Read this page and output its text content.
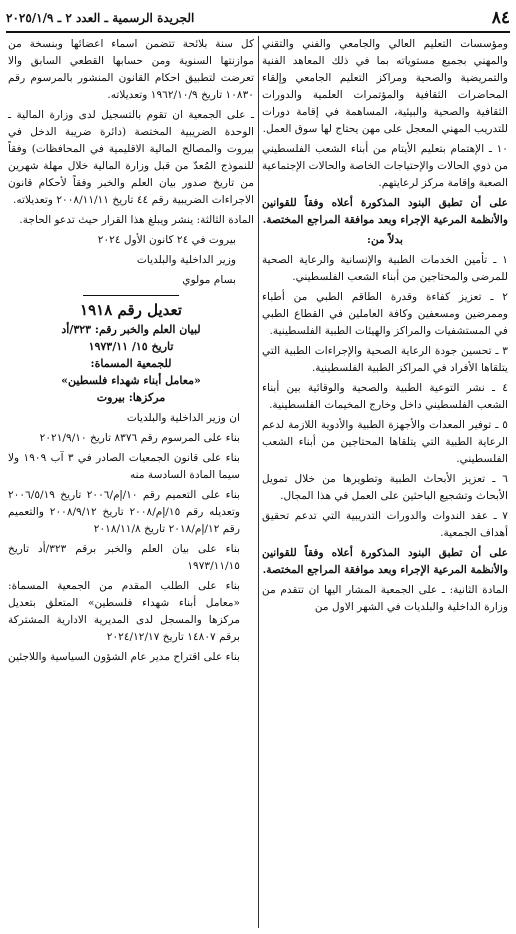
٨٤
الجريدة الرسمية ـ العدد ٢ ـ ٢٠٢٥/١/٩

ومؤسسات التعليم العالي والجامعي والفني والتقني والمهني بجميع مستوياته بما في ذلك المعاهد الفنية والتمريضية والصحية ومراكز التعليم الجامعي وإلقاء المحاضرات الثقافية والمؤتمرات العلمية والدورات الثقافية والصحية والبيئية، المساهمة في إقامة دورات للتدريب المهني المعجل على مهن يحتاج لها سوق العمل.

١٠ ـ الإهتمام بتعليم الأيتام من أبناء الشعب الفلسطيني من ذوي الحالات والإحتياجات الخاصة والحالات الإجتماعية الصعبة وإقامة مركز لرعايتهم.

على أن تطبق البنود المذكورة أعلاه وفقاً للقوانين والأنظمة المرعية الإجراء وبعد موافقة المراجع المختصة.

بدلاً من:

١ ـ تأمين الخدمات الطبية والإنسانية والرعاية الصحية للمرضى والمحتاجين من أبناء الشعب الفلسطيني.

٢ ـ تعزيز كفاءة وقدرة الطاقم الطبي من أطباء وممرضين ومسعفين وكافة العاملين في القطاع الطبي في المستشفيات والمراكز والهيئات الطبية الفلسطينية.

٣ ـ تحسين جودة الرعاية الصحية والإجراءات الطبية التي يتلقاها الأفراد في المراكز الطبية الفلسطينية.

٤ ـ نشر التوعية الطبية والصحية والوقائية بين أبناء الشعب الفلسطيني داخل وخارج المخيمات الفلسطينية.

٥ ـ توفير المعدات والأجهزة الطبية والأدوية اللازمة لدعم الرعاية الطبية التي يتلقاها المحتاجين من أبناء الشعب الفلسطيني.

٦ ـ تعزيز الأبحاث الطبية وتطويرها من خلال تمويل الأبحاث وتشجيع الباحثين على العمل في هذا المجال.

٧ ـ عقد الندوات والدورات التدريبية التي تدعم تحقيق أهداف الجمعية.

على أن تطبق البنود المذكورة أعلاه وفقاً للقوانين والأنظمة المرعية الإجراء وبعد موافقة المراجع المختصة.

المادة الثانية: ـ على الجمعية المشار اليها ان تتقدم من وزارة الداخلية والبلديات في الشهر الاول من

كل سنة بلائحة تتضمن اسماء اعضائها وبنسخة من موازنتها السنوية ومن حسابها القطعي السابق والا تعرضت لتطبيق احكام القانون المنشور بالمرسوم رقم ١٠٨٣٠ تاريخ ١٩٦٢/١٠/٩ وتعديلاته.

ـ على الجمعية ان تقوم بالتسجيل لدى وزارة المالية ـ الوحدة الضريبية المختصة (دائرة ضريبة الدخل في بيروت والمصالح المالية الاقليمية في المحافظات) وفقاً للنموذج المُعدّ من قبل وزارة المالية خلال مهلة شهرين من تاريخ صدور بيان العلم والخبر وفقاً لأحكام قانون الاجراءات الضريبية رقم ٤٤ تاريخ ٢٠٠٨/١١/١١ وتعديلاته.

المادة الثالثة: ينشر ويبلغ هذا القرار حيث تدعو الحاجة.

بيروت في ٢٤ كانون الأول ٢٠٢٤

وزير الداخلية والبلديات

بسام مولوي

تعديل رقم ١٩١٨
لبيان العلم والخبر رقم: ٣٢٣/أد
تاريخ ١٥/ ١٩٧٣/١١
للجمعية المسماة:
«معامل أبناء شهداء فلسطين»
مركزها: بيروت

ان وزير الداخلية والبلديات

بناء على المرسوم رقم ٨٣٧٦ تاريخ ٢٠٢١/٩/١٠

بناء على قانون الجمعيات الصادر في ٣ آب ١٩٠٩ ولا سيما المادة السادسة منه

بناء على التعميم رقم ١٠/إم/٢٠٠٦ تاريخ ٢٠٠٦/٥/١٩ وتعديله رقم ١٥/إم/٢٠٠٨ تاريخ ٢٠٠٨/٩/١٢ والتعميم رقم ١٢/إم/٢٠١٨ تاريخ ٢٠١٨/١١/٨

بناء على بيان العلم والخبر برقم ٣٢٣/أد تاريخ ١٩٧٣/١١/١٥

بناء على الطلب المقدم من الجمعية المسماة: «معامل أبناء شهداء فلسطين» المتعلق بتعديل مركزها والمسجل لدى المديرية الادارية المشتركة برقم ١٤٨٠٧ تاريخ ٢٠٢٤/١٢/١٧

بناء على اقتراح مدير عام الشؤون السياسية واللاجئين
